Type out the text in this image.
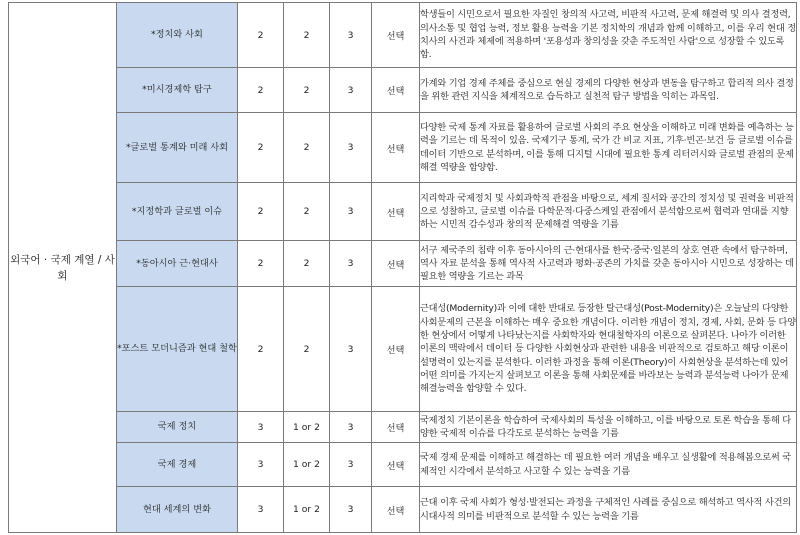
외국어 · 국제 계열 / 사회	*정치와 사회	2	2	3	선택	학생들이 시민으로서 필요한 자질인 창의적 사고력, 비판적 사고력, 문제 해결력 및 의사 결정력, 의사소통 및 협업 능력, 정보 활용 능력을 기본 정치학의 개념과 함께 이해하고, 이를 우리 현대 정치사의 사건과 체제에 적용하며 '포용성과 창의성을 갖춘 주도적인 사람'으로 성장할 수 있도록 함.
	*미시경제학 탐구	2	2	3	선택	가계와 기업 경제 주체를 중심으로 현실 경제의 다양한 현상과 변동을 탐구하고 합리적 의사 결정을 위한 관련 지식을 체계적으로 습득하고 실천적 탐구 방법을 익히는 과목임.
	*글로벌 통계와 미래 사회	2	2	3	선택	다양한 국제 통계 자료를 활용하여 글로벌 사회의 주요 현상을 이해하고 미래 변화를 예측하는 능력을 기르는 데 목적이 있음. 국제기구 통계, 국가 간 비교 지표, 기후·빈곤·보건 등 글로벌 이슈를 데이터 기반으로 분석하며, 이를 통해 디지털 시대에 필요한 통계 리터러시와 글로벌 관점의 문제 해결 역량을 함양함.
	*지정학과 글로벌 이슈	2	2	3	선택	지리학과 국제정치 및 사회과학적 관점을 바탕으로, 세계 질서와 공간의 정치성 및 권력을 비판적으로 성찰하고, 글로벌 이슈를 다학문적·다중스케일 관점에서 분석함으로써 협력과 연대를 지향하는 시민적 감수성과 창의적 문제해결 역량을 기름
	*동아시아 근·현대사	2	2	3	선택	서구 제국주의 침략 이후 동아시아의 근·현대사를 한국·중국·일본의 상호 연관 속에서 탐구하며, 역사 자료 분석을 통해 역사적 사고력과 평화·공존의 가치를 갖춘 동아시아 시민으로 성장하는 데 필요한 역량을 기르는 과목
	*포스트 모더니즘과 현대 철학	2	2	3	선택	근대성(Modernity)과 이에 대한 반대로 등장한 탈근대성(Post-Modernity)은 오늘날의 다양한 사회문제의 근본을 이해하는 매우 중요한 개념이다. 이러한 개념이 정치, 경제, 사회, 문화 등 다양한 현상에서 어떻게 나타났는지를 사회학자와 현대철학자의 이론으로 살펴본다. 나아가 이러한 이론의 맥락에서 데이터 등 다양한 사회현상과 관련한 내용을 비판적으로 검토하고 해당 이론이 설명력이 있는지를 분석한다. 이러한 과정을 통해 이론(Theory)이 사회현상을 분석하는데 있어 어떤 의미를 가지는지 살펴보고 이론을 통해 사회문제를 바라보는 능력과 분석능력 나아가 문제해결능력을 함양할 수 있다.
	국제 정치	3	1 or 2	3	선택	국제정치 기본이론을 학습하여 국제사회의 특성을 이해하고, 이를 바탕으로 토론 학습을 통해 다양한 국제적 이슈를 다각도로 분석하는 능력을 기름
	국제 경제	3	1 or 2	3	선택	국제 경제 문제를 이해하고 해결하는 데 필요한 여러 개념을 배우고 실생활에 적용해봄으로써 국제적인 시각에서 분석하고 사고할 수 있는 능력을 기름
	현대 세계의 변화	3	1 or 2	3	선택	근대 이후 국제 사회가 형성·발전되는 과정을 구체적인 사례를 중심으로 해석하고 역사적 사건의 시대사적 의미를 비판적으로 분석할 수 있는 능력을 기름
